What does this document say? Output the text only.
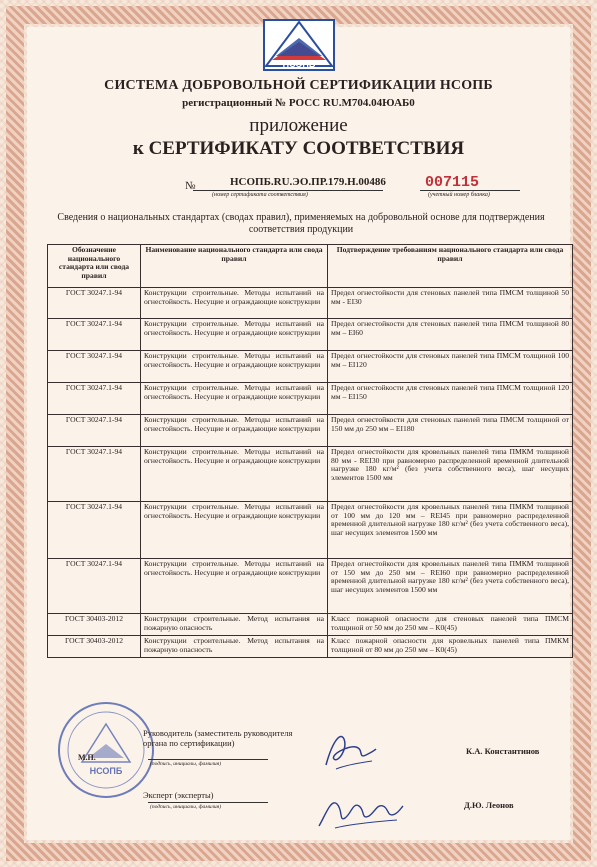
НСОПБ
СИСТЕМА ДОБРОВОЛЬНОЙ СЕРТИФИКАЦИИ НСОПБ
регистрационный № РОСС RU.М704.04ЮАБ0
приложение
к СЕРТИФИКАТУ СООТВЕТСТВИЯ
№	НСОПБ.RU.ЭО.ПР.179.Н.00486
(номер сертификата соответствия)
007115
(учетный номер бланка)
Сведения о национальных стандартах (сводах правил), применяемых на добровольной основе для подтверждения соответствия продукции
Обозначение национального стандарта или свода правил	Наименование национального стандарта или свода правил	Подтверждение требованиям национального стандарта или свода правил
ГОСТ 30247.1-94	Конструкции строительные. Методы испытаний на огнестойкость. Несущие и ограждающие конструкции	Предел огнестойкости для стеновых панелей типа ПМСМ толщиной 50 мм - ЕI30
ГОСТ 30247.1-94	Конструкции строительные. Методы испытаний на огнестойкость. Несущие и ограждающие конструкции	Предел огнестойкости для стеновых панелей типа ПМСМ толщиной 80 мм – ЕI60
ГОСТ 30247.1-94	Конструкции строительные. Методы испытаний на огнестойкость. Несущие и ограждающие конструкции	Предел огнестойкости для стеновых панелей типа ПМСМ толщиной 100 мм – ЕI120
ГОСТ 30247.1-94	Конструкции строительные. Методы испытаний на огнестойкость. Несущие и ограждающие конструкции	Предел огнестойкости для стеновых панелей типа ПМСМ толщиной 120 мм – ЕI150
ГОСТ 30247.1-94	Конструкции строительные. Методы испытаний на огнестойкость. Несущие и ограждающие конструкции	Предел огнестойкости для стеновых панелей типа ПМСМ толщиной от 150 мм до 250 мм – ЕI180
ГОСТ 30247.1-94	Конструкции строительные. Методы испытаний на огнестойкость. Несущие и ограждающие конструкции	Предел огнестойкости для кровельных панелей типа ПМКМ толщиной 80 мм - RЕI30 при равномерно распределенной временной длительной нагрузке 180 кг/м² (без учета собственного веса), шаг несущих элементов 1500 мм
ГОСТ 30247.1-94	Конструкции строительные. Методы испытаний на огнестойкость. Несущие и ограждающие конструкции	Предел огнестойкости для кровельных панелей типа ПМКМ толщиной от 100 мм до 120 мм – RЕI45 при равномерно распределенной временной длительной нагрузке 180 кг/м² (без учета собственного веса), шаг несущих элементов 1500 мм
ГОСТ 30247.1-94	Конструкции строительные. Методы испытаний на огнестойкость. Несущие и ограждающие конструкции	Предел огнестойкости для кровельных панелей типа ПМКМ толщиной от 150 мм до 250 мм – RЕI60 при равномерно распределенной временной длительной нагрузке 180 кг/м² (без учета собственного веса), шаг несущих элементов 1500 мм
ГОСТ 30403-2012	Конструкции строительные. Метод испытания на пожарную опасность	Класс пожарной опасности для стеновых панелей типа ПМСМ толщиной от 50 мм до 250 мм – К0(45)
ГОСТ 30403-2012	Конструкции строительные. Метод испытания на пожарную опасность	Класс пожарной опасности для кровельных панелей типа ПМКМ толщиной от 80 мм до 250 мм – К0(45)
НСОПБ
М.П.
Руководитель (заместитель руководителя органа по сертификации)
(подпись, инициалы, фамилия)
К.А. Константинов
Эксперт (эксперты)
(подпись, инициалы, фамилия)	Д.Ю. Леонов
